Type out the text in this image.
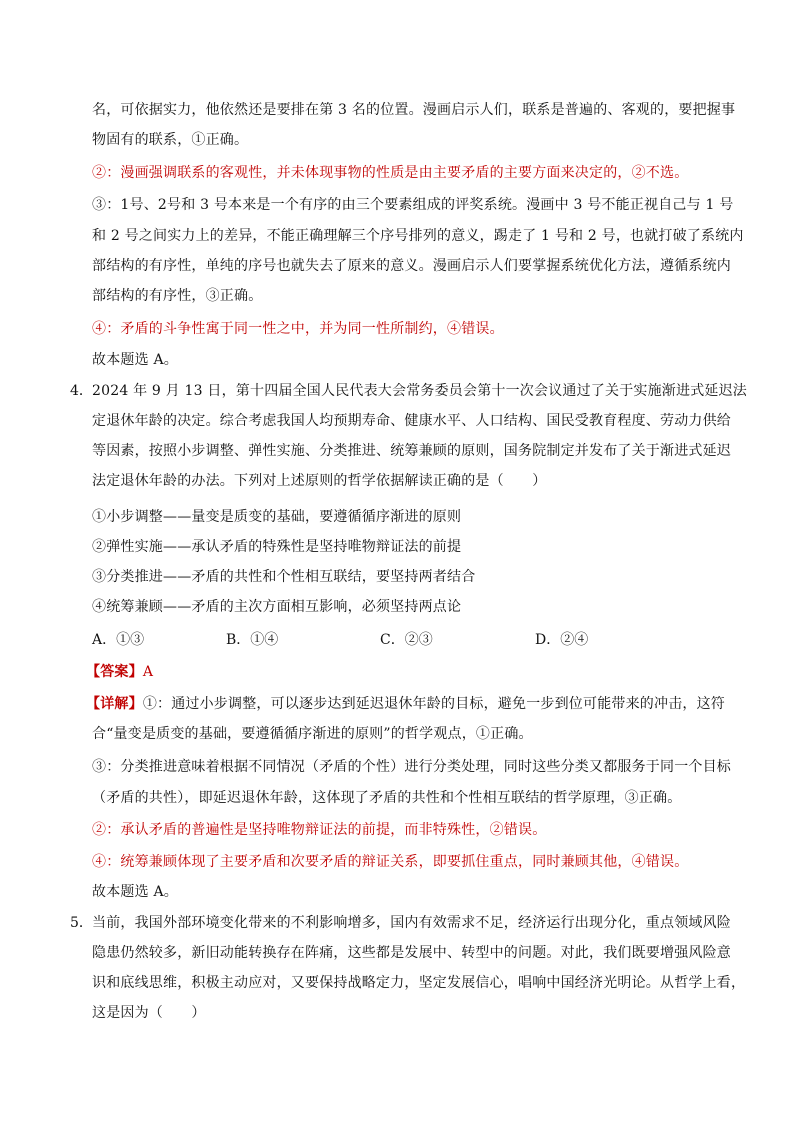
名，可依据实力，他依然还是要排在第 3 名的位置。漫画启示人们，联系是普遍的、客观的，要把握事
物固有的联系，①正确。
②：漫画强调联系的客观性，并未体现事物的性质是由主要矛盾的主要方面来决定的，②不选。
③：1号、2号和 3 号本来是一个有序的由三个要素组成的评奖系统。漫画中 3 号不能正视自己与 1 号
和 2 号之间实力上的差异，不能正确理解三个序号排列的意义，踢走了 1 号和 2 号，也就打破了系统内
部结构的有序性，单纯的序号也就失去了原来的意义。漫画启示人们要掌握系统优化方法，遵循系统内
部结构的有序性，③正确。
④：矛盾的斗争性寓于同一性之中，并为同一性所制约，④错误。
故本题选 A。
4． 2024 年 9 月 13 日，第十四届全国人民代表大会常务委员会第十一次会议通过了关于实施渐进式延迟法
定退休年龄的决定。综合考虑我国人均预期寿命、健康水平、人口结构、国民受教育程度、劳动力供给
等因素，按照小步调整、弹性实施、分类推进、统筹兼顾的原则，国务院制定并发布了关于渐进式延迟
法定退休年龄的办法。下列对上述原则的哲学依据解读正确的是（　　）
①小步调整——量变是质变的基础，要遵循循序渐进的原则
②弹性实施——承认矛盾的特殊性是坚持唯物辩证法的前提
③分类推进——矛盾的共性和个性相互联结，要坚持两者结合
④统筹兼顾——矛盾的主次方面相互影响，必须坚持两点论
A．①③	B．①④	C．②③	D．②④
【答案】A
【详解】①：通过小步调整，可以逐步达到延迟退休年龄的目标，避免一步到位可能带来的冲击，这符
合“量变是质变的基础，要遵循循序渐进的原则”的哲学观点，①正确。
③：分类推进意味着根据不同情况（矛盾的个性）进行分类处理，同时这些分类又都服务于同一个目标
（矛盾的共性），即延迟退休年龄，这体现了矛盾的共性和个性相互联结的哲学原理，③正确。
②：承认矛盾的普遍性是坚持唯物辩证法的前提，而非特殊性，②错误。
④：统筹兼顾体现了主要矛盾和次要矛盾的辩证关系，即要抓住重点，同时兼顾其他，④错误。
故本题选 A。
5． 当前，我国外部环境变化带来的不利影响增多，国内有效需求不足，经济运行出现分化，重点领域风险
隐患仍然较多，新旧动能转换存在阵痛，这些都是发展中、转型中的问题。对此，我们既要增强风险意
识和底线思维，积极主动应对，又要保持战略定力，坚定发展信心，唱响中国经济光明论。从哲学上看，
这是因为（　　）
